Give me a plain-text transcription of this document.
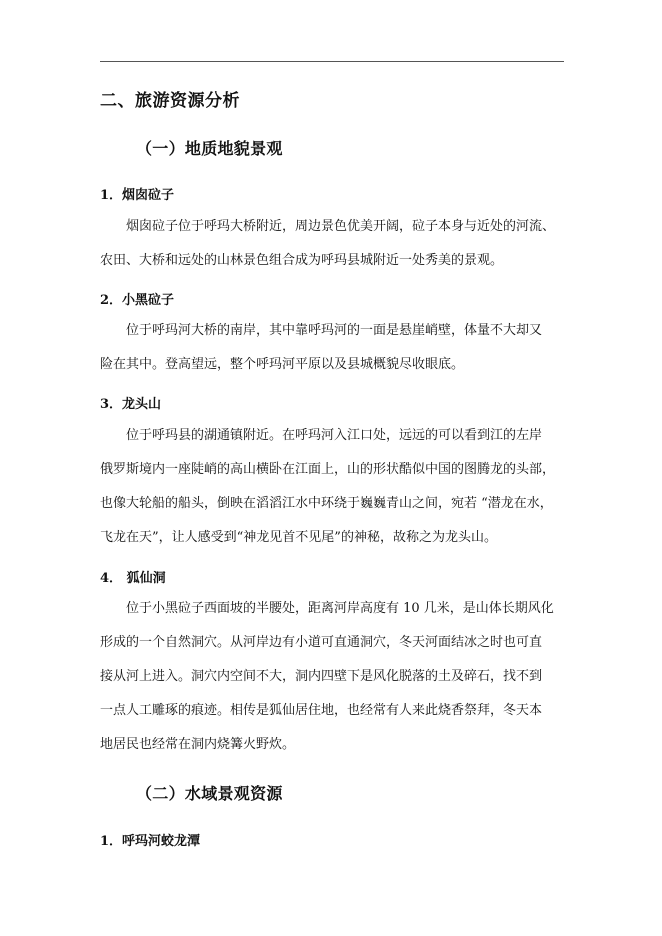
二、旅游资源分析
（一）地质地貌景观
1．烟囱砬子
烟囱砬子位于呼玛大桥附近，周边景色优美开阔，砬子本身与近处的河流、
农田、大桥和远处的山林景色组合成为呼玛县城附近一处秀美的景观。
2．小黑砬子
位于呼玛河大桥的南岸，其中靠呼玛河的一面是悬崖峭壁，体量不大却又
险在其中。登高望远，整个呼玛河平原以及县城概貌尽收眼底。
3．龙头山
位于呼玛县的湖通镇附近。在呼玛河入江口处，远远的可以看到江的左岸
俄罗斯境内一座陡峭的高山横卧在江面上，山的形状酷似中国的图腾龙的头部，
也像大轮船的船头，倒映在滔滔江水中环绕于巍巍青山之间，宛若 “潜龙在水，
飞龙在天”，让人感受到“神龙见首不见尾”的神秘，故称之为龙头山。
4． 狐仙洞
位于小黑砬子西面坡的半腰处，距离河岸高度有 10 几米，是山体长期风化
形成的一个自然洞穴。从河岸边有小道可直通洞穴，冬天河面结冰之时也可直
接从河上进入。洞穴内空间不大，洞内四壁下是风化脱落的土及碎石，找不到
一点人工雕琢的痕迹。相传是狐仙居住地，也经常有人来此烧香祭拜，冬天本
地居民也经常在洞内烧篝火野炊。
（二）水域景观资源
1．呼玛河蛟龙潭
